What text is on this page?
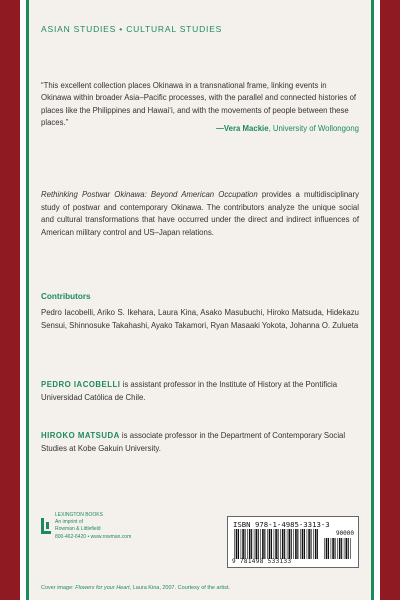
ASIAN STUDIES • CULTURAL STUDIES
“This excellent collection places Okinawa in a transnational frame, linking events in Okinawa within broader Asia–Pacific processes, with the parallel and connected histories of places like the Philippines and Hawai‘i, and with the movements of people between these places.”
—Vera Mackie, University of Wollongong
Rethinking Postwar Okinawa: Beyond American Occupation provides a multidisciplinary study of postwar and contemporary Okinawa. The contributors analyze the unique social and cultural transformations that have occurred under the direct and indirect influences of American military control and US–Japan relations.
Contributors
Pedro Iacobelli, Ariko S. Ikehara, Laura Kina, Asako Masubuchi, Hiroko Matsuda, Hidekazu Sensui, Shinnosuke Takahashi, Ayako Takamori, Ryan Masaaki Yokota, Johanna O. Zulueta
PEDRO IACOBELLI is assistant professor in the Institute of History at the Pontificia Universidad Católica de Chile.
HIROKO MATSUDA is associate professor in the Department of Contemporary Social Studies at Kobe Gakuin University.
LEXINGTON BOOKS
An imprint of
Rowman & Littlefield
800-462-6420 • www.rowman.com
ISBN 978-1-4985-3313-3
90000
9 781498 533133
Cover image: Flowers for your Heart, Laura Kina, 2007. Courtesy of the artist.
